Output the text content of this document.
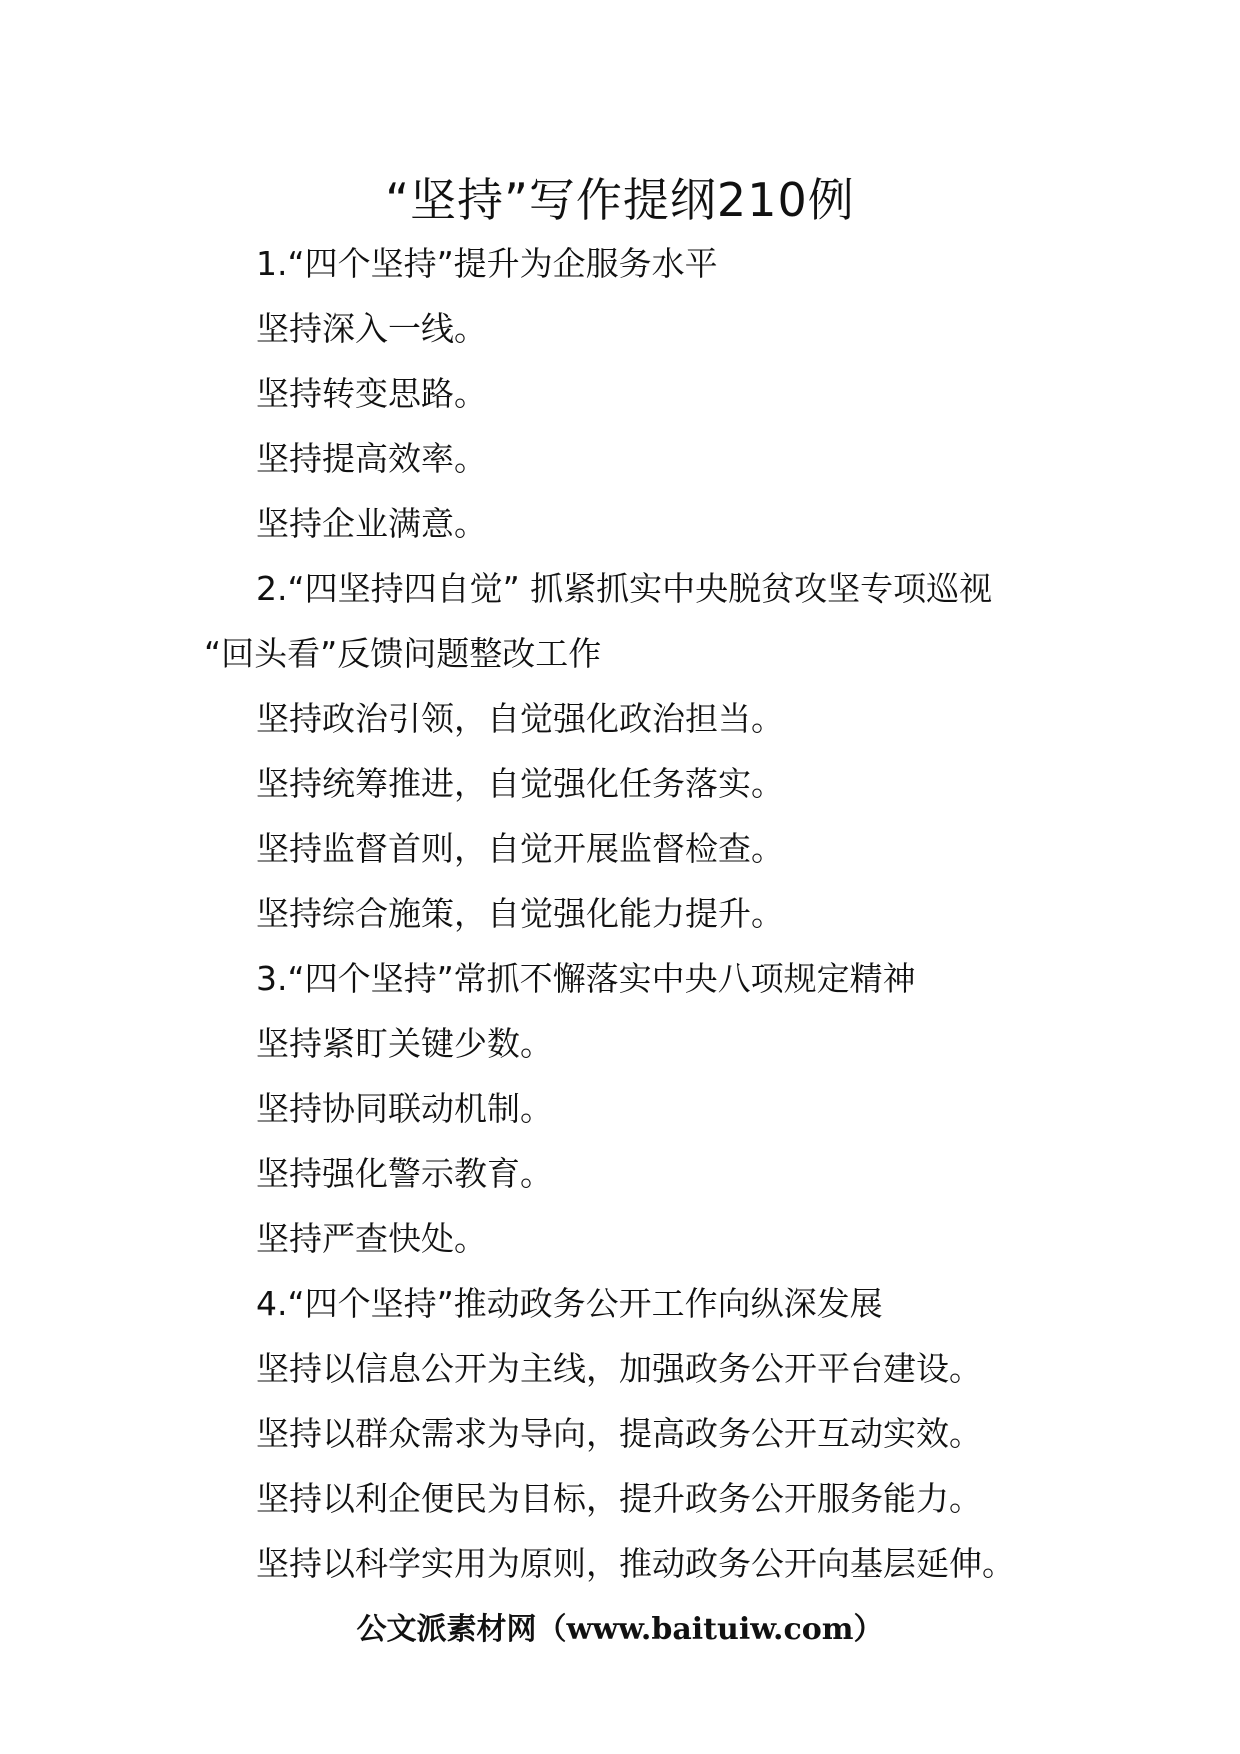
“坚持”写作提纲210例
1.“四个坚持”提升为企服务水平
坚持深入一线。
坚持转变思路。
坚持提高效率。
坚持企业满意。
2.“四坚持四自觉” 抓紧抓实中央脱贫攻坚专项巡视
“回头看”反馈问题整改工作
坚持政治引领，自觉强化政治担当。
坚持统筹推进，自觉强化任务落实。
坚持监督首则，自觉开展监督检查。
坚持综合施策，自觉强化能力提升。
3.“四个坚持”常抓不懈落实中央八项规定精神
坚持紧盯关键少数。
坚持协同联动机制。
坚持强化警示教育。
坚持严查快处。
4.“四个坚持”推动政务公开工作向纵深发展
坚持以信息公开为主线，加强政务公开平台建设。
坚持以群众需求为导向，提高政务公开互动实效。
坚持以利企便民为目标，提升政务公开服务能力。
坚持以科学实用为原则，推动政务公开向基层延伸。
公文派素材网（www.baituiw.com）
